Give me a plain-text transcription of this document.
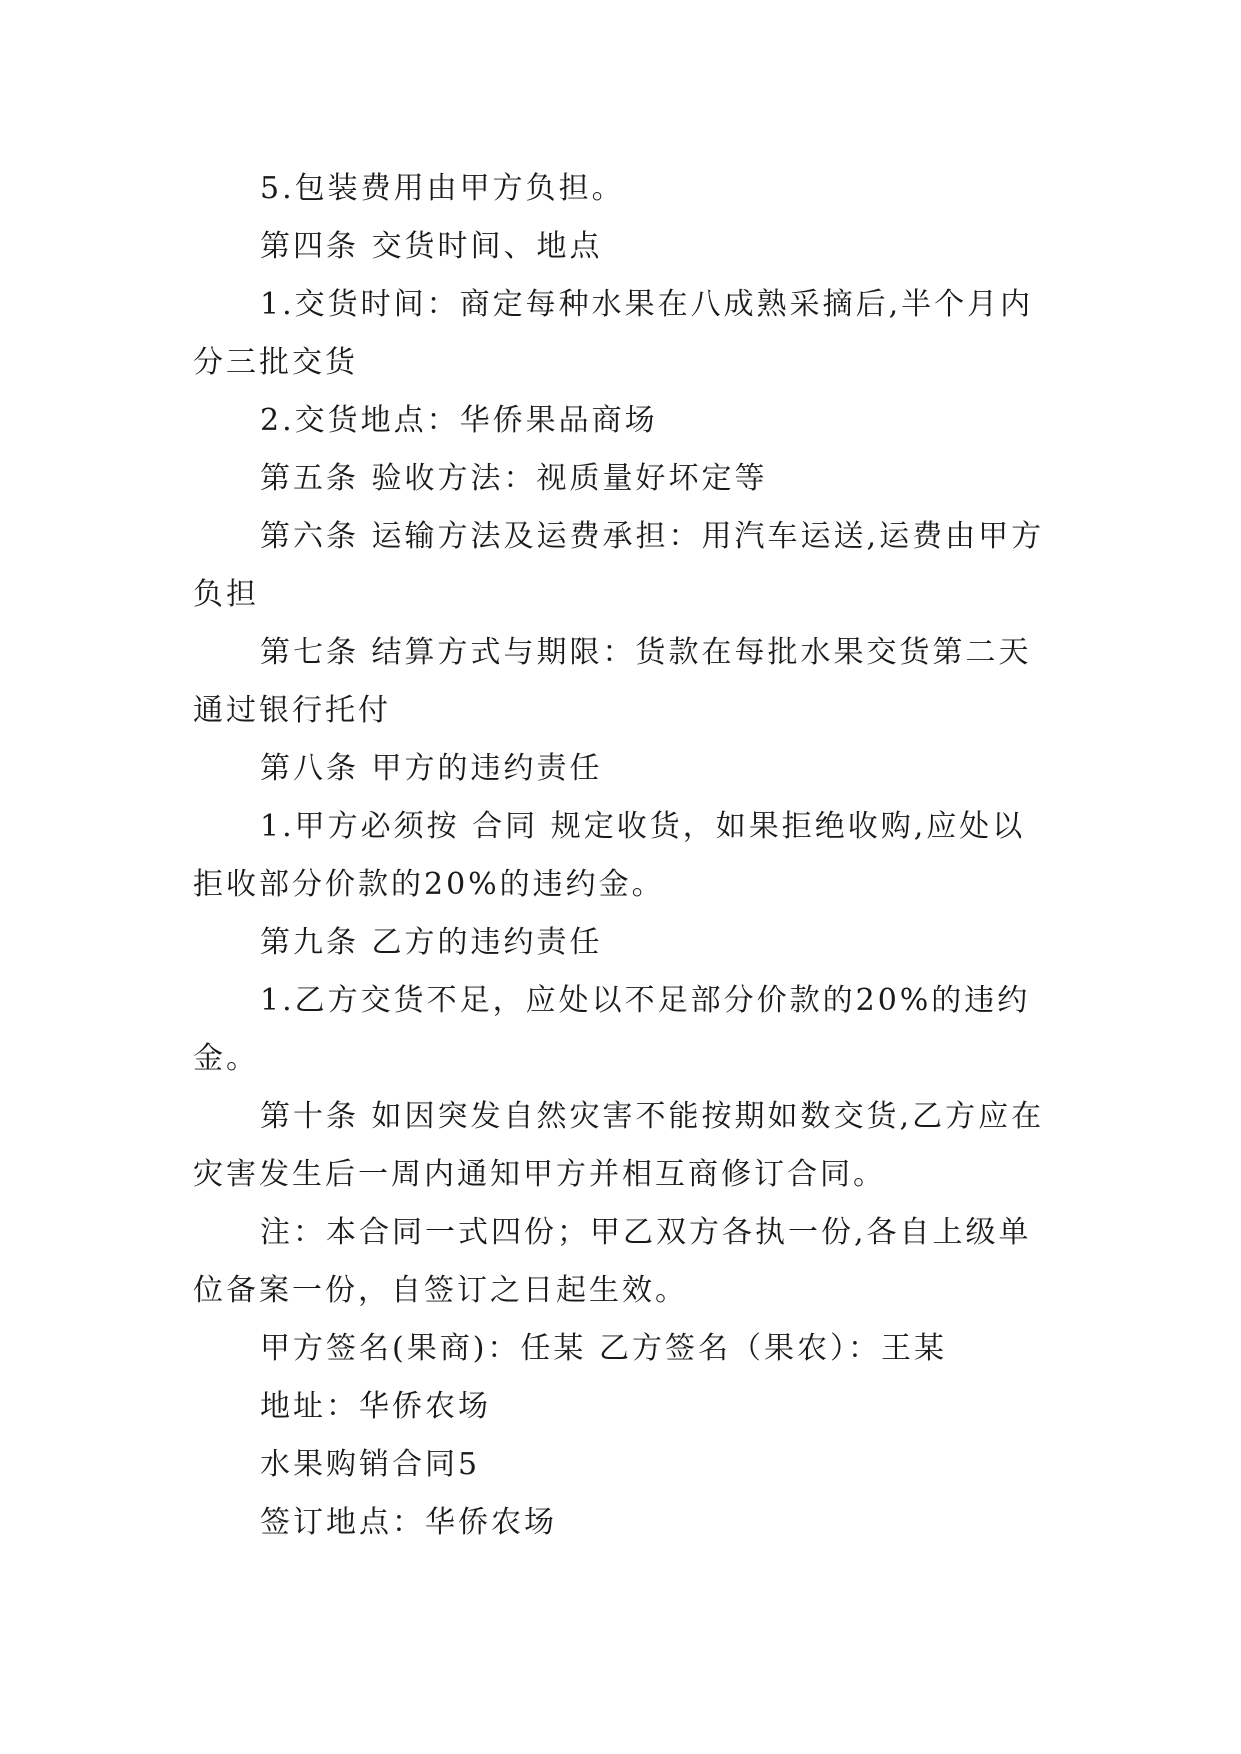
5.包装费用由甲方负担。

第四条 交货时间、地点

1.交货时间：商定每种水果在八成熟采摘后,半个月内分三批交货

2.交货地点：华侨果品商场

第五条 验收方法：视质量好坏定等

第六条 运输方法及运费承担：用汽车运送,运费由甲方负担

第七条 结算方式与期限：货款在每批水果交货第二天通过银行托付

第八条 甲方的违约责任

1.甲方必须按 合同 规定收货，如果拒绝收购,应处以拒收部分价款的20%的违约金。

第九条 乙方的违约责任

1.乙方交货不足，应处以不足部分价款的20%的违约金。

第十条 如因突发自然灾害不能按期如数交货,乙方应在灾害发生后一周内通知甲方并相互商修订合同。

注：本合同一式四份；甲乙双方各执一份,各自上级单位备案一份，自签订之日起生效。

甲方签名(果商)：任某 乙方签名（果农）：王某

地址：华侨农场

水果购销合同5

签订地点：华侨农场
